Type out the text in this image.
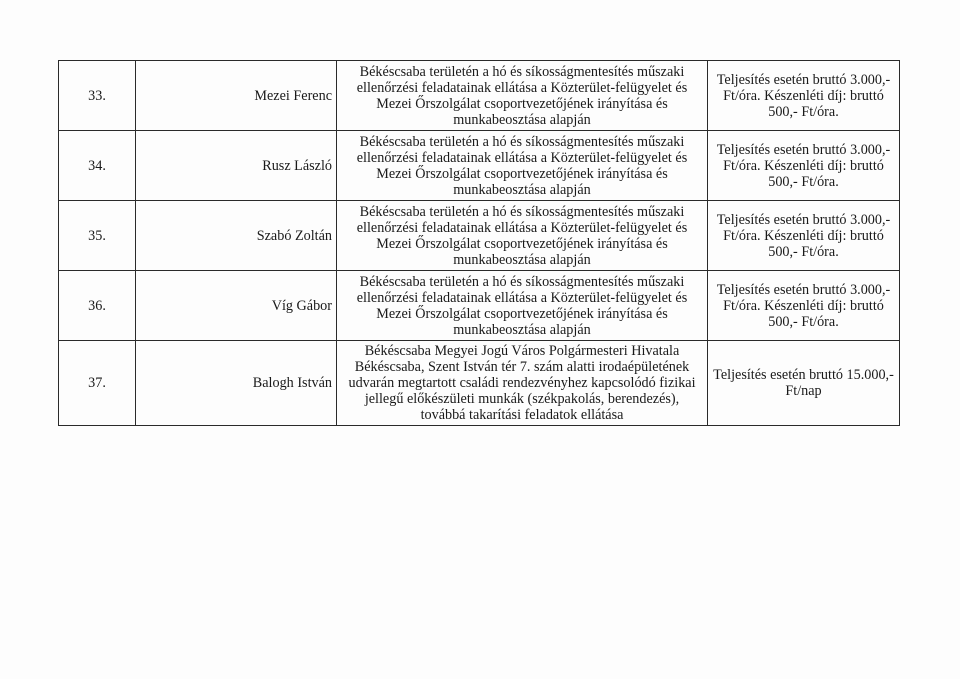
33.	Mezei Ferenc	Békéscsaba területén a hó és síkosságmentesítés műszaki ellenőrzési feladatainak ellátása a Közterület-felügyelet és Mezei Őrszolgálat csoportvezetőjének irányítása és munkabeosztása alapján	Teljesítés esetén bruttó 3.000,- Ft/óra. Készenléti díj: bruttó 500,- Ft/óra.
34.	Rusz László	Békéscsaba területén a hó és síkosságmentesítés műszaki ellenőrzési feladatainak ellátása a Közterület-felügyelet és Mezei Őrszolgálat csoportvezetőjének irányítása és munkabeosztása alapján	Teljesítés esetén bruttó 3.000,- Ft/óra. Készenléti díj: bruttó 500,- Ft/óra.
35.	Szabó Zoltán	Békéscsaba területén a hó és síkosságmentesítés műszaki ellenőrzési feladatainak ellátása a Közterület-felügyelet és Mezei Őrszolgálat csoportvezetőjének irányítása és munkabeosztása alapján	Teljesítés esetén bruttó 3.000,- Ft/óra. Készenléti díj: bruttó 500,- Ft/óra.
36.	Víg Gábor	Békéscsaba területén a hó és síkosságmentesítés műszaki ellenőrzési feladatainak ellátása a Közterület-felügyelet és Mezei Őrszolgálat csoportvezetőjének irányítása és munkabeosztása alapján	Teljesítés esetén bruttó 3.000,- Ft/óra. Készenléti díj: bruttó 500,- Ft/óra.
37.	Balogh István	Békéscsaba Megyei Jogú Város Polgármesteri Hivatala Békéscsaba, Szent István tér 7. szám alatti irodaépületének udvarán megtartott családi rendezvényhez kapcsolódó fizikai jellegű előkészületi munkák (székpakolás, berendezés), továbbá takarítási feladatok ellátása	Teljesítés esetén bruttó 15.000,- Ft/nap
